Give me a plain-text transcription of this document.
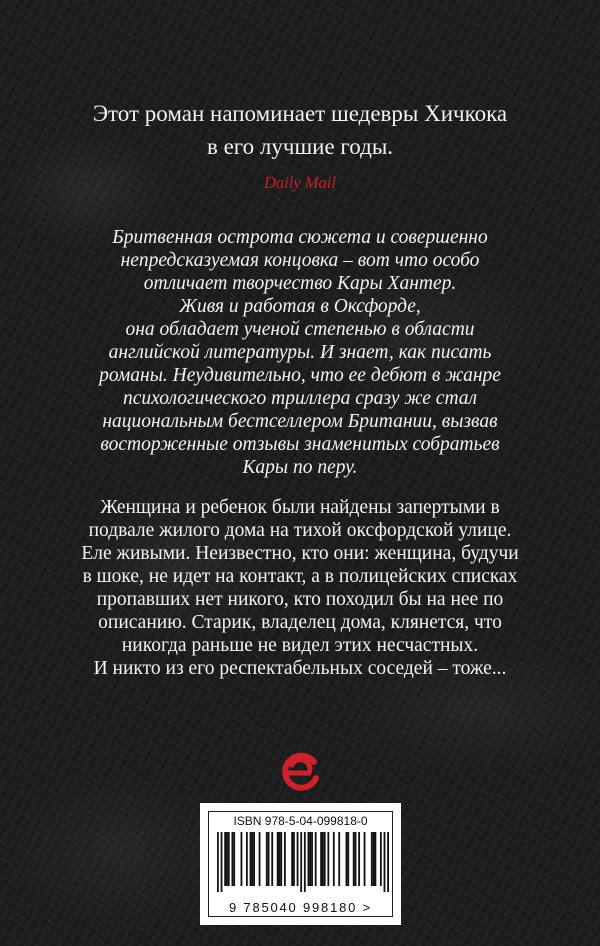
Этот роман напоминает шедевры Хичкока
в его лучшие годы.
Daily Mail
Бритвенная острота сюжета и совершенно
непредсказуемая концовка – вот что особо
отличает творчество Кары Хантер.
Живя и работая в Оксфорде,
она обладает ученой степенью в области
английской литературы. И знает, как писать
романы. Неудивительно, что ее дебют в жанре
психологического триллера сразу же стал
национальным бестселлером Британии, вызвав
восторженные отзывы знаменитых собратьев
Кары по перу.
Женщина и ребенок были найдены запертыми в
подвале жилого дома на тихой оксфордской улице.
Еле живыми. Неизвестно, кто они: женщина, будучи
в шоке, не идет на контакт, а в полицейских списках
пропавших нет никого, кто походил бы на нее по
описанию. Старик, владелец дома, клянется, что
никогда раньше не видел этих несчастных.
И никто из его респектабельных соседей – тоже...
ISBN 978-5-04-099818-0
9 785040 998180 >
